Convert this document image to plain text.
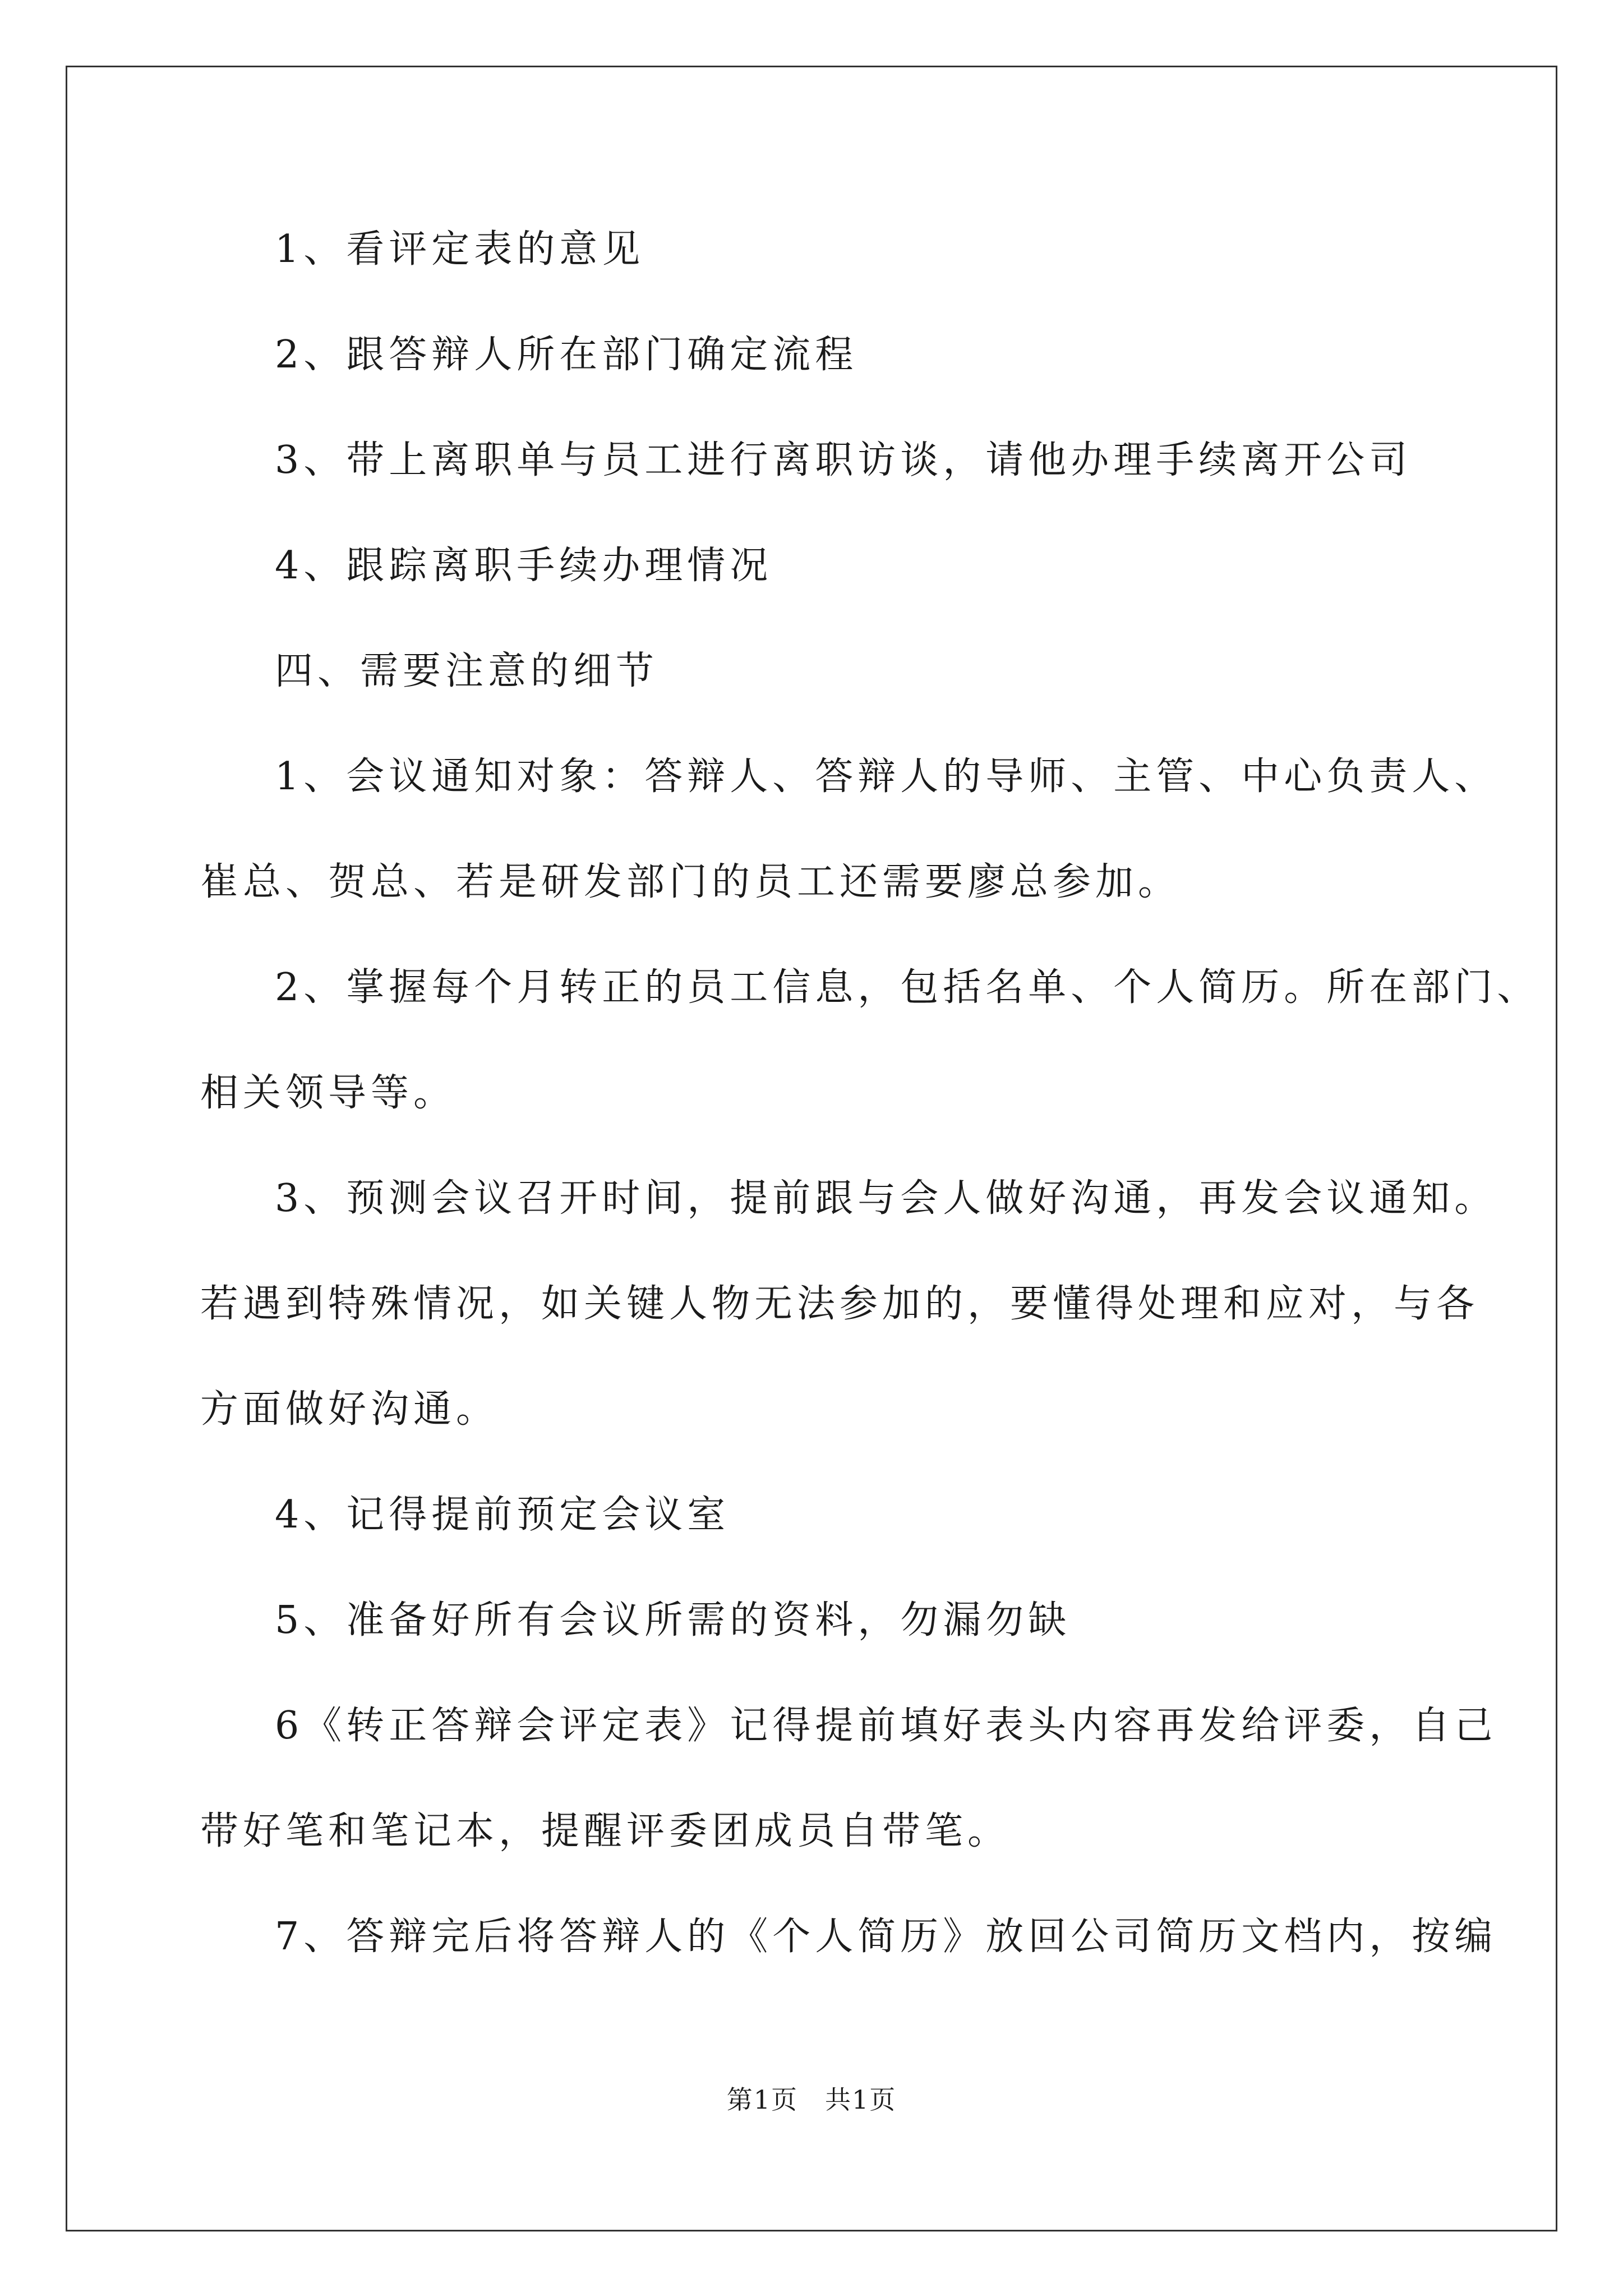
1、看评定表的意见
2、跟答辩人所在部门确定流程
3、带上离职单与员工进行离职访谈，请他办理手续离开公司
4、跟踪离职手续办理情况
四、需要注意的细节
1、会议通知对象：答辩人、答辩人的导师、主管、中心负责人、
崔总、贺总、若是研发部门的员工还需要廖总参加。
2、掌握每个月转正的员工信息，包括名单、个人简历。所在部门、
相关领导等。
3、预测会议召开时间，提前跟与会人做好沟通，再发会议通知。
若遇到特殊情况，如关键人物无法参加的，要懂得处理和应对，与各
方面做好沟通。
4、记得提前预定会议室
5、准备好所有会议所需的资料，勿漏勿缺
6《转正答辩会评定表》记得提前填好表头内容再发给评委，自己
带好笔和笔记本，提醒评委团成员自带笔。
7、答辩完后将答辩人的《个人简历》放回公司简历文档内，按编
第1页　共1页
